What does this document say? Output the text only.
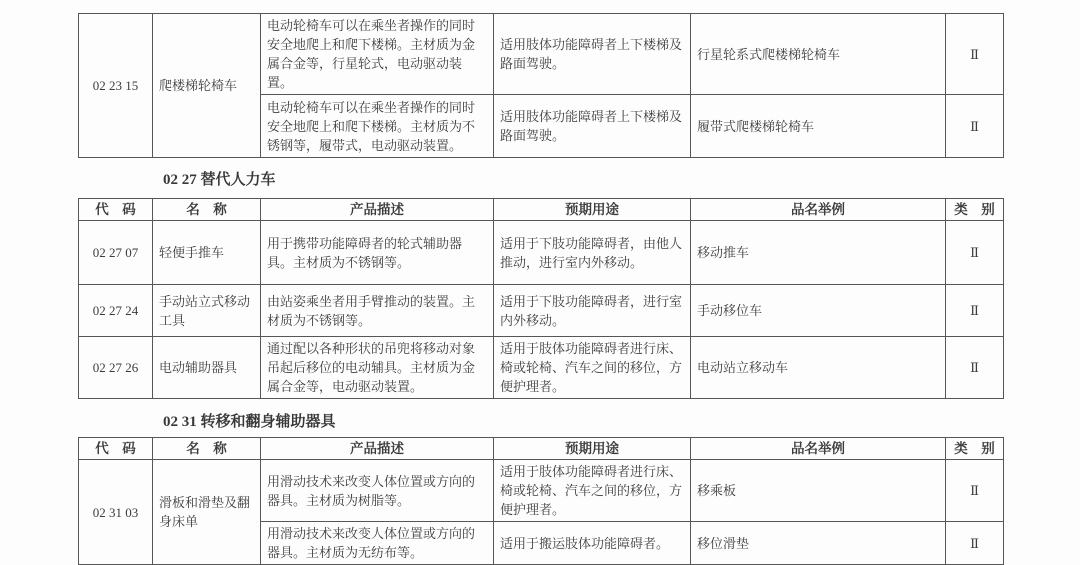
02 23 15	爬楼梯轮椅车	电动轮椅车可以在乘坐者操作的同时安全地爬上和爬下楼梯。主材质为金属合金等，行星轮式，电动驱动装置。	适用肢体功能障碍者上下楼梯及路面驾驶。	行星轮系式爬楼梯轮椅车	Ⅱ
		电动轮椅车可以在乘坐者操作的同时安全地爬上和爬下楼梯。主材质为不锈钢等，履带式，电动驱动装置。	适用肢体功能障碍者上下楼梯及路面驾驶。	履带式爬楼梯轮椅车	Ⅱ
02 27 替代人力车
代　码	名　称	产品描述	预期用途	品名举例	类　别
02 27 07	轻便手推车	用于携带功能障碍者的轮式辅助器具。主材质为不锈钢等。	适用于下肢功能障碍者，由他人推动，进行室内外移动。	移动推车	Ⅱ
02 27 24	手动站立式移动工具	由站姿乘坐者用手臂推动的装置。主材质为不锈钢等。	适用于下肢功能障碍者，进行室内外移动。	手动移位车	Ⅱ
02 27 26	电动辅助器具	通过配以各种形状的吊兜将移动对象吊起后移位的电动辅具。主材质为金属合金等，电动驱动装置。	适用于肢体功能障碍者进行床、椅或轮椅、汽车之间的移位，方便护理者。	电动站立移动车	Ⅱ
02 31 转移和翻身辅助器具
代　码	名　称	产品描述	预期用途	品名举例	类　别
02 31 03	滑板和滑垫及翻身床单	用滑动技术来改变人体位置或方向的器具。主材质为树脂等。	适用于肢体功能障碍者进行床、椅或轮椅、汽车之间的移位，方便护理者。	移乘板	Ⅱ
		用滑动技术来改变人体位置或方向的器具。主材质为无纺布等。	适用于搬运肢体功能障碍者。	移位滑垫	Ⅱ
